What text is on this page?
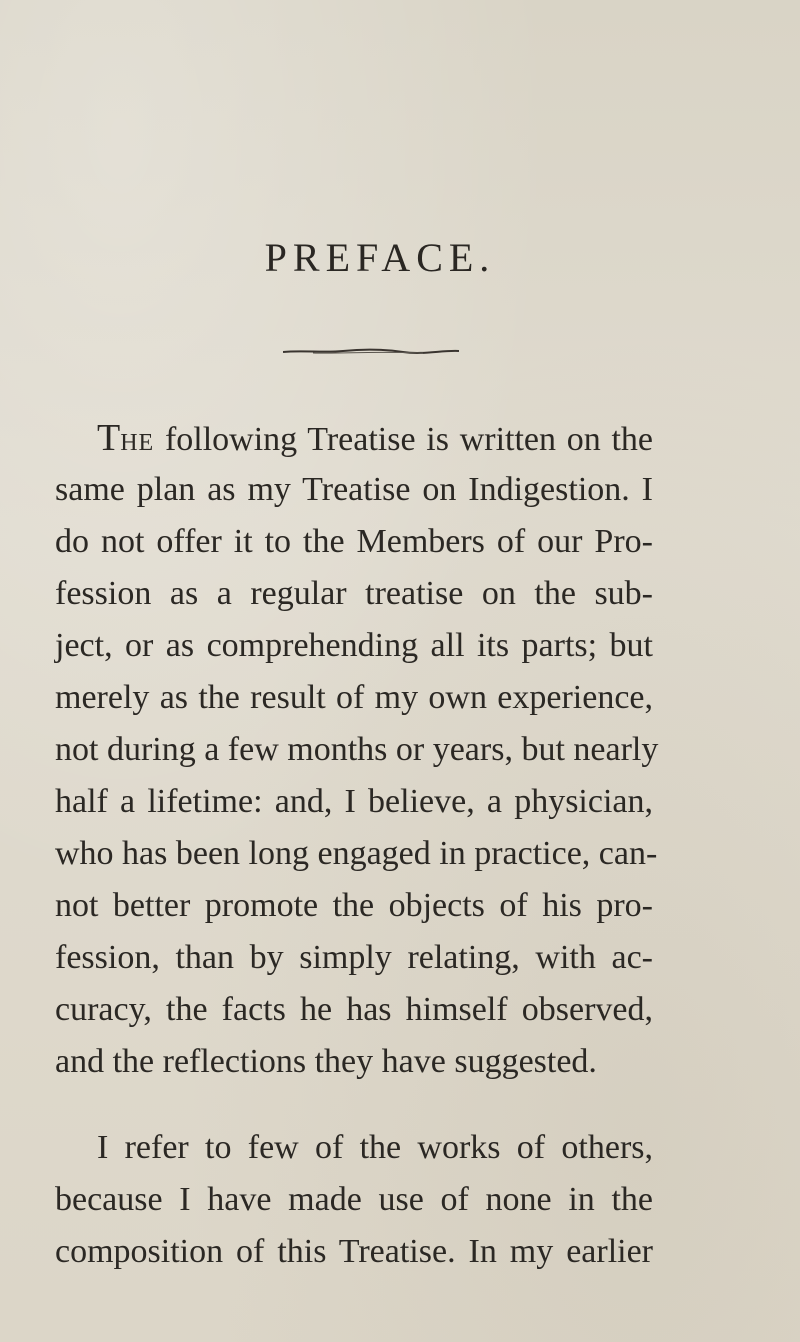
PREFACE.
THE following Treatise is written on the
same plan as my Treatise on Indigestion. I
do not offer it to the Members of our Pro-
fession as a regular treatise on the sub-
ject, or as comprehending all its parts; but
merely as the result of my own experience,
not during a few months or years, but nearly
half a lifetime: and, I believe, a physician,
who has been long engaged in practice, can-
not better promote the objects of his pro-
fession, than by simply relating, with ac-
curacy, the facts he has himself observed,
and the reflections they have suggested.
I refer to few of the works of others,
because I have made use of none in the
composition of this Treatise. In my earlier
